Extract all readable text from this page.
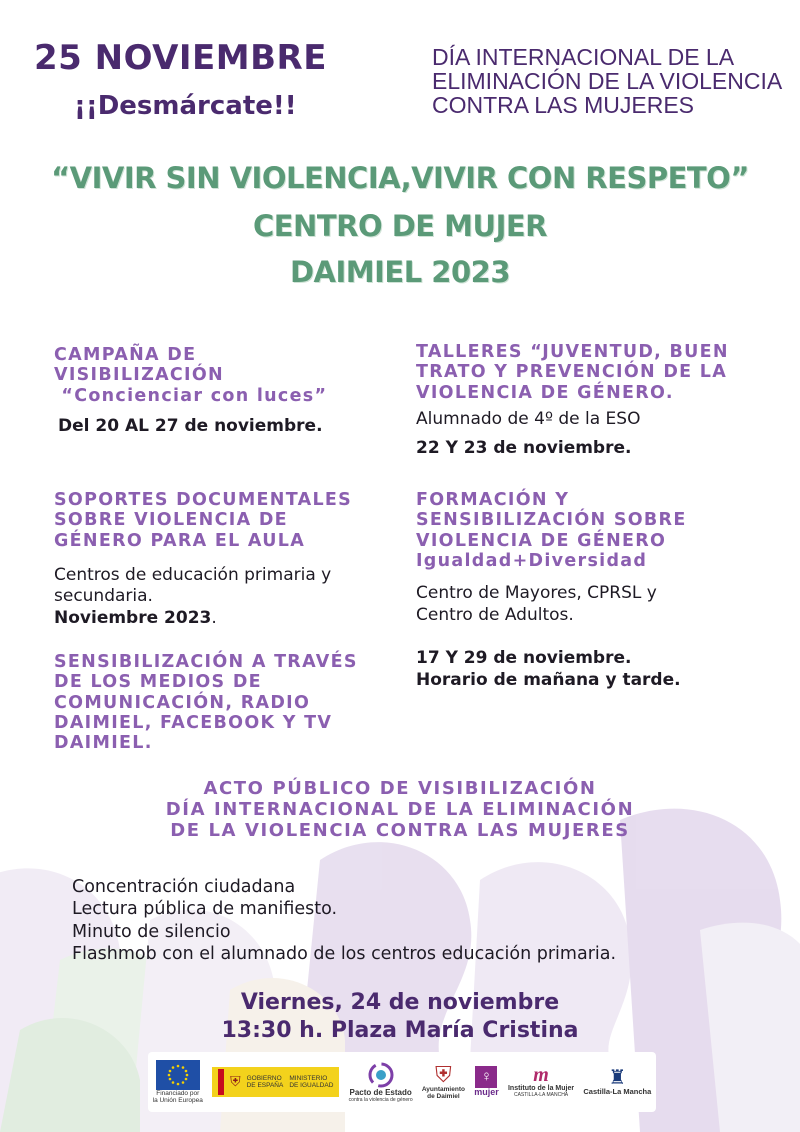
25 NOVIEMBRE
¡¡Desmárcate!!
DÍA INTERNACIONAL DE LA ELIMINACIÓN DE LA VIOLENCIA CONTRA LAS MUJERES
“VIVIR SIN VIOLENCIA,VIVIR CON RESPETO”
CENTRO DE MUJER
DAIMIEL 2023
CAMPAÑA DE
VISIBILIZACIÓN
“Concienciar con luces”
Del 20 AL 27 de noviembre.
TALLERES “JUVENTUD, BUEN
TRATO Y PREVENCIÓN DE LA
VIOLENCIA DE GÉNERO.
Alumnado de 4º de la ESO
22 Y 23 de noviembre.
SOPORTES DOCUMENTALES
SOBRE VIOLENCIA DE
GÉNERO PARA EL AULA
Centros de educación primaria y
secundaria.
Noviembre 2023.
FORMACIÓN Y
SENSIBILIZACIÓN SOBRE
VIOLENCIA DE GÉNERO
Igualdad+Diversidad
Centro de Mayores, CPRSL y
Centro de Adultos.
17 Y 29 de noviembre.
Horario de mañana y tarde.
SENSIBILIZACIÓN A TRAVÉS
DE LOS MEDIOS DE
COMUNICACIÓN, RADIO
DAIMIEL, FACEBOOK Y TV
DAIMIEL.
ACTO PÚBLICO DE VISIBILIZACIÓN
DÍA INTERNACIONAL DE LA ELIMINACIÓN
DE LA VIOLENCIA CONTRA LAS MUJERES
Concentración ciudadana
Lectura pública de manifiesto.
Minuto de silencio
Flashmob con el alumnado de los centros educación primaria.
Viernes, 24 de noviembre
13:30 h. Plaza María Cristina
Financiado por
la Unión Europea
⛨ GOBIERNO
DE ESPAÑA
MINISTERIO
DE IGUALDAD
Pacto de Estado
contra la violencia de género
⛨
Ayuntamiento
de Daimiel
♀
mujer
m
Instituto de la Mujer
CASTILLA-LA MANCHA
♜
Castilla-La Mancha
